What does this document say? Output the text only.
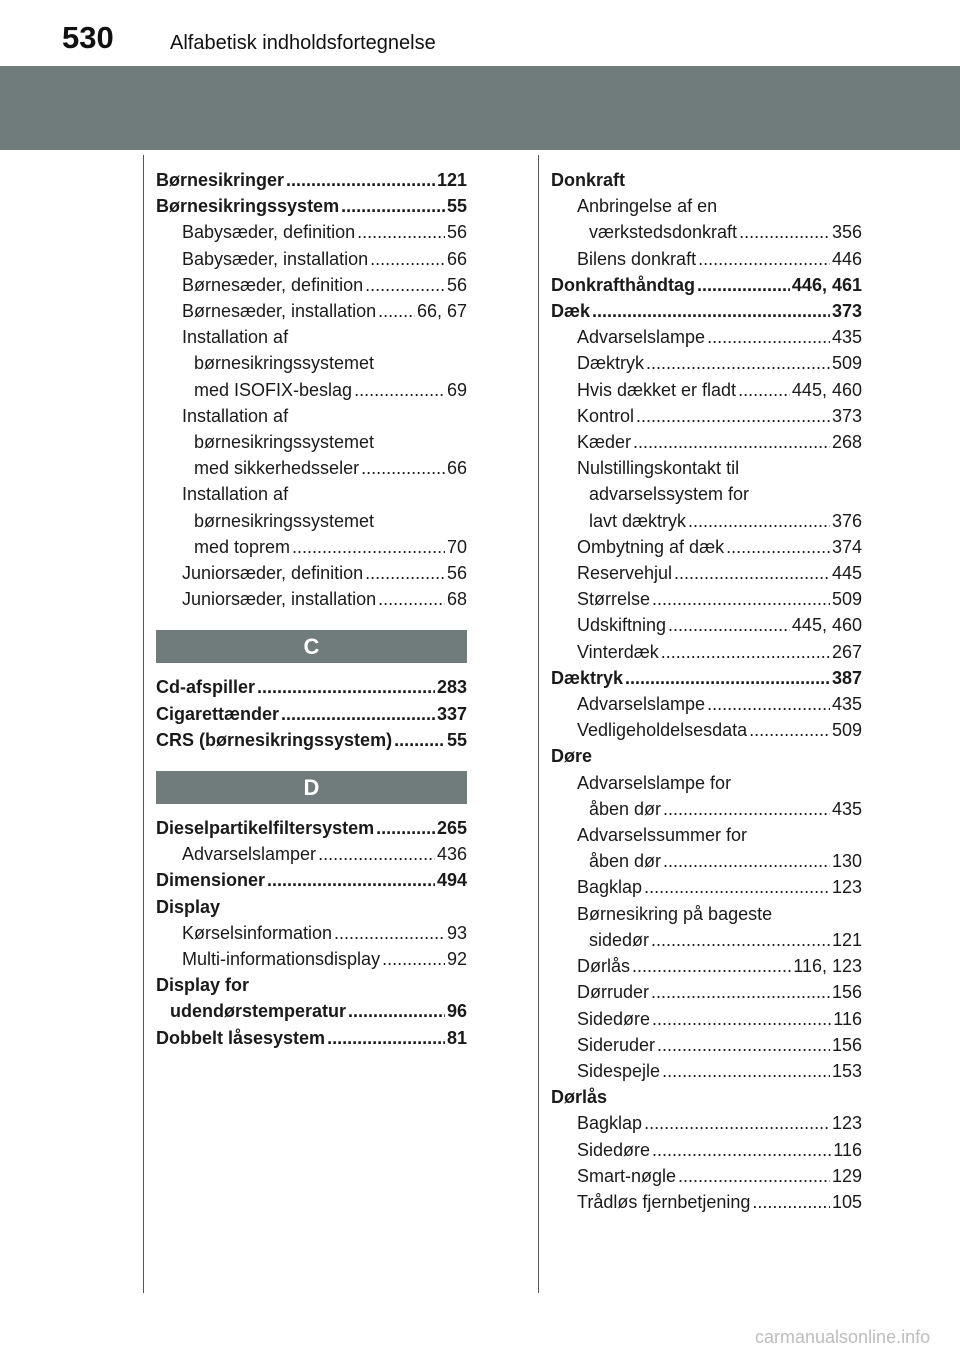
530	Alfabetisk indholdsfortegnelse
Børnesikringer .....	121
Børnesikringssystem .....	55
Babysæder, definition .....	56
Babysæder, installation .....	66
Børnesæder, definition .....	56
Børnesæder, installation ..... 66, 67
Installation af
børnesikringssystemet
med ISOFIX-beslag .....	69
Installation af
børnesikringssystemet
med sikkerhedsseler .....	66
Installation af
børnesikringssystemet
med toprem .....	70
Juniorsæder, definition .....	56
Juniorsæder, installation .....	68
C
Cd-afspiller .....	283
Cigarettænder .....	337
CRS (børnesikringssystem) .....	55
D
Dieselpartikelfiltersystem .....	265
Advarselslamper .....	436
Dimensioner .....	494
Display
Kørselsinformation .....	93
Multi-informationsdisplay .....	92
Display for
udendørstemperatur .....	96
Dobbelt låsesystem .....	81
Donkraft
Anbringelse af en
værkstedsdonkraft .....	356
Bilens donkraft .....	446
Donkrafthåndtag .....	446, 461
Dæk .....	373
Advarselslampe .....	435
Dæktryk .....	509
Hvis dækket er fladt .....	445, 460
Kontrol .....	373
Kæder .....	268
Nulstillingskontakt til
advarselssystem for
lavt dæktryk .....	376
Ombytning af dæk .....	374
Reservehjul .....	445
Størrelse .....	509
Udskiftning .....	445, 460
Vinterdæk .....	267
Dæktryk .....	387
Advarselslampe .....	435
Vedligeholdelsesdata .....	509
Døre
Advarselslampe for
åben dør .....	435
Advarselssummer for
åben dør .....	130
Bagklap .....	123
Børnesikring på bageste
sidedør .....	121
Dørlås .....	116, 123
Dørruder .....	156
Sidedøre .....	116
Sideruder .....	156
Sidespejle .....	153
Dørlås
Bagklap .....	123
Sidedøre .....	116
Smart-nøgle .....	129
Trådløs fjernbetjening .....	105
carmanualsonline.info
